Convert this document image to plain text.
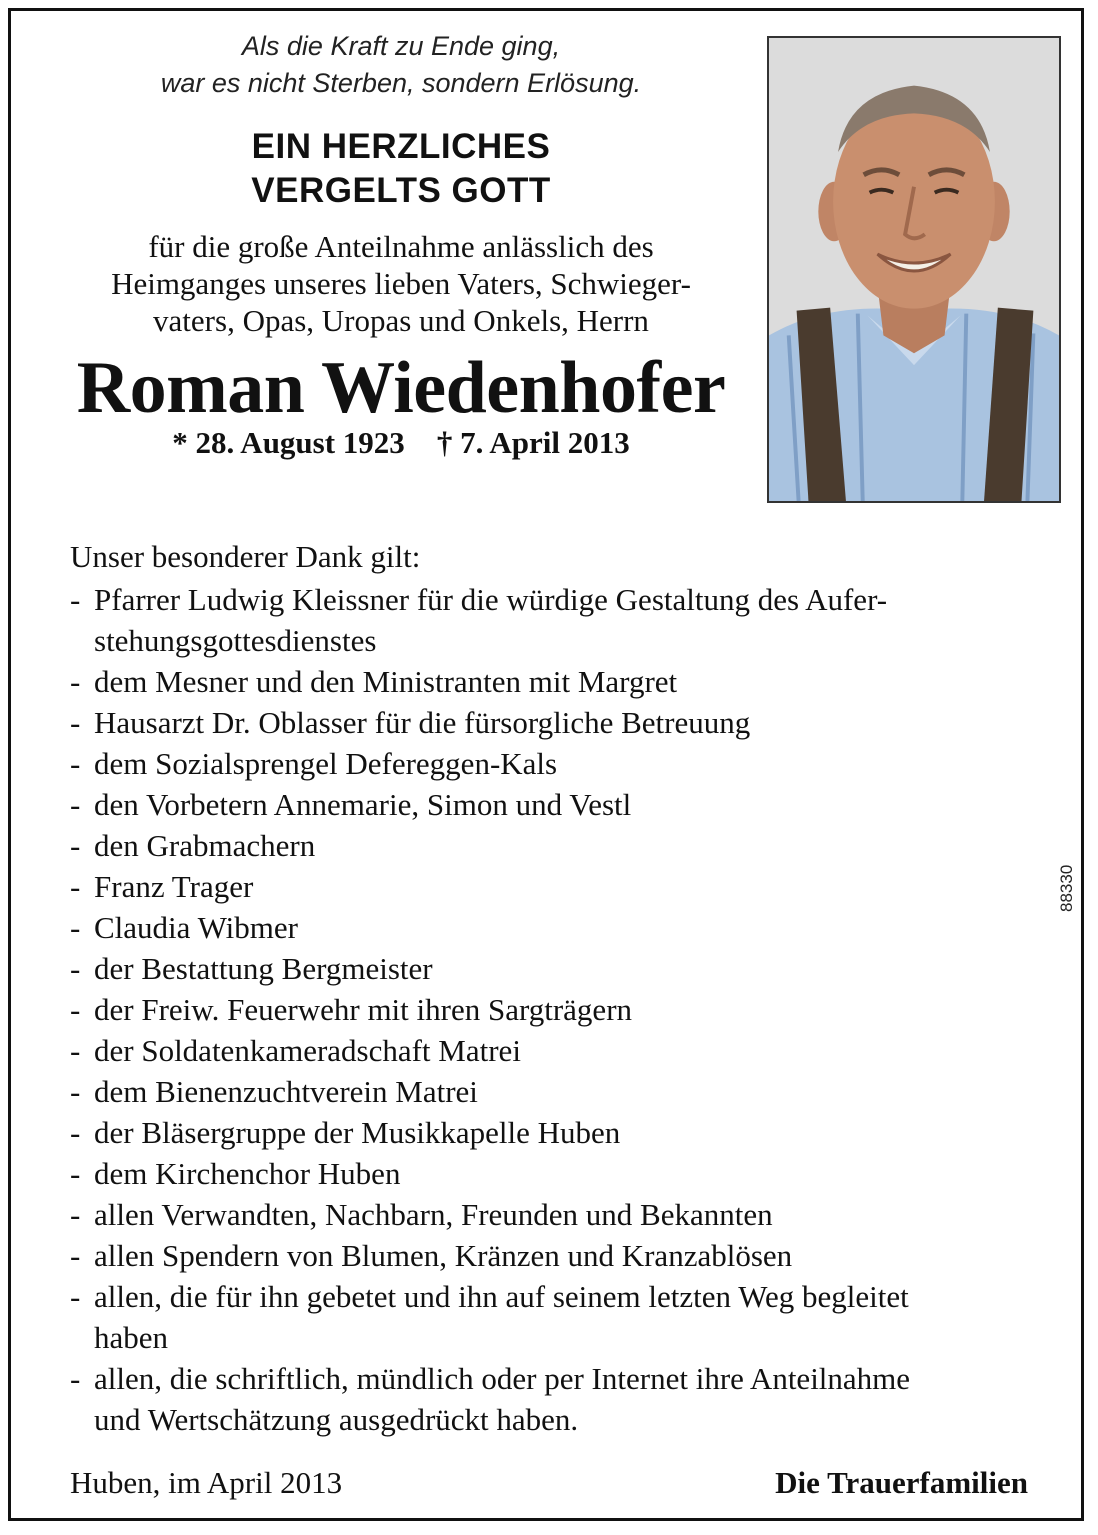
Als die Kraft zu Ende ging,
war es nicht Sterben, sondern Erlösung.
EIN HERZLICHES
VERGELTS GOTT
für die große Anteilnahme anlässlich des
Heimganges unseres lieben Vaters, Schwieger-
vaters, Opas, Uropas und Onkels, Herrn
Roman Wiedenhofer
* 28. August 1923 † 7. April 2013
Unser besonderer Dank gilt:
- Pfarrer Ludwig Kleissner für die würdige Gestaltung des Aufer-
stehungsgottesdienstes
- dem Mesner und den Ministranten mit Margret
- Hausarzt Dr. Oblasser für die fürsorgliche Betreuung
- dem Sozialsprengel Defereggen-Kals
- den Vorbetern Annemarie, Simon und Vestl
- den Grabmachern
- Franz Trager
- Claudia Wibmer
- der Bestattung Bergmeister
- der Freiw. Feuerwehr mit ihren Sargträgern
- der Soldatenkameradschaft Matrei
- dem Bienenzuchtverein Matrei
- der Bläsergruppe der Musikkapelle Huben
- dem Kirchenchor Huben
- allen Verwandten, Nachbarn, Freunden und Bekannten
- allen Spendern von Blumen, Kränzen und Kranzablösen
- allen, die für ihn gebetet und ihn auf seinem letzten Weg begleitet
haben
- allen, die schriftlich, mündlich oder per Internet ihre Anteilnahme
und Wertschätzung ausgedrückt haben.
Huben, im April 2013	Die Trauerfamilien
88330
